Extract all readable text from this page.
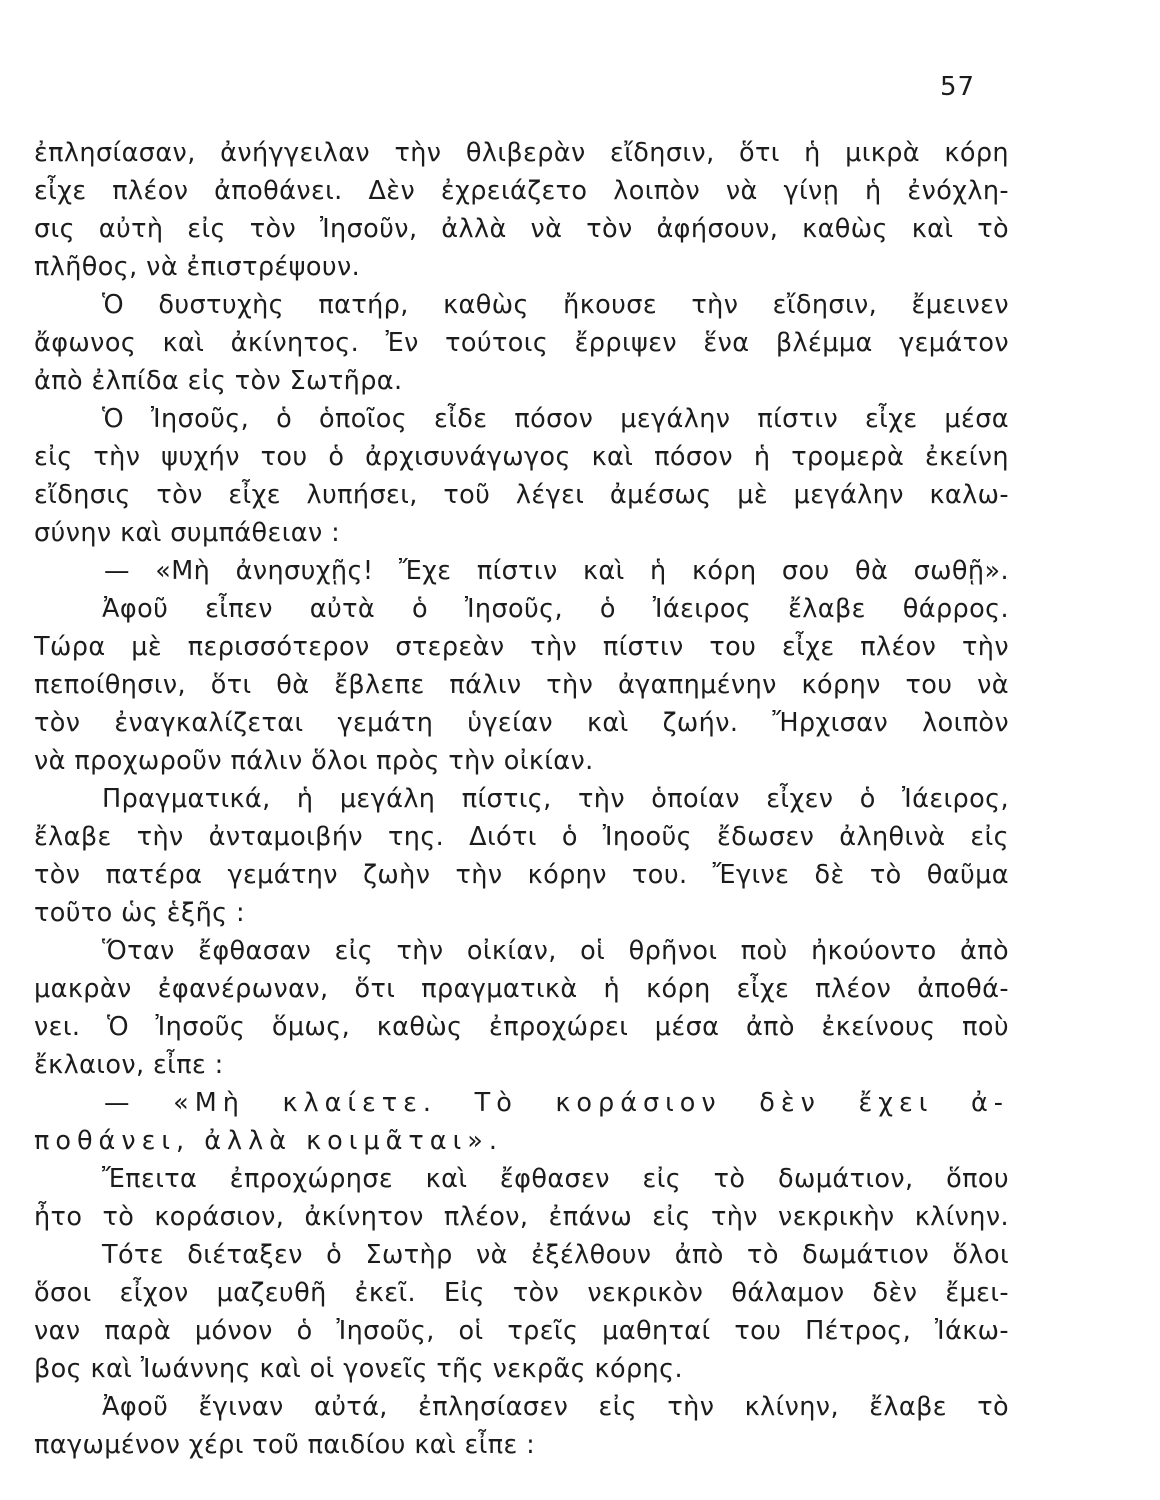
57
ἐπλησίασαν, ἀνήγγειλαν τὴν θλιβερὰν εἴδησιν, ὅτι ἡ μικρὰ κόρη
εἶχε πλέον ἀποθάνει. Δὲν ἐχρειάζετο λοιπὸν νὰ γίνῃ ἡ ἐνόχλη-
σις αὐτὴ εἰς τὸν Ἰησοῦν, ἀλλὰ νὰ τὸν ἀφήσουν, καθὼς καὶ τὸ
πλῆθος, νὰ ἐπιστρέψουν.
Ὁ δυστυχὴς πατήρ, καθὼς ἤκουσε τὴν εἴδησιν, ἔμεινεν
ἄφωνος καὶ ἀκίνητος. Ἐν τούτοις ἔρριψεν ἕνα βλέμμα γεμάτον
ἀπὸ ἐλπίδα εἰς τὸν Σωτῆρα.
Ὁ Ἰησοῦς, ὁ ὁποῖος εἶδε πόσον μεγάλην πίστιν εἶχε μέσα
εἰς τὴν ψυχήν του ὁ ἀρχισυνάγωγος καὶ πόσον ἡ τρομερὰ ἐκείνη
εἴδησις τὸν εἶχε λυπήσει, τοῦ λέγει ἀμέσως μὲ μεγάλην καλω-
σύνην καὶ συμπάθειαν :
— «Μὴ ἀνησυχῇς! Ἔχε πίστιν καὶ ἡ κόρη σου θὰ σωθῇ».
Ἀφοῦ εἶπεν αὐτὰ ὁ Ἰησοῦς, ὁ Ἰάειρος ἔλαβε θάρρος.
Τώρα μὲ περισσότερον στερεὰν τὴν πίστιν του εἶχε πλέον τὴν
πεποίθησιν, ὅτι θὰ ἔβλεπε πάλιν τὴν ἀγαπημένην κόρην του νὰ
τὸν ἐναγκαλίζεται γεμάτη ὑγείαν καὶ ζωήν. Ἤρχισαν λοιπὸν
νὰ προχωροῦν πάλιν ὅλοι πρὸς τὴν οἰκίαν.
Πραγματικά, ἡ μεγάλη πίστις, τὴν ὁποίαν εἶχεν ὁ Ἰάειρος,
ἔλαβε τὴν ἀνταμοιβήν της. Διότι ὁ Ἰηοοῦς ἔδωσεν ἀληθινὰ εἰς
τὸν πατέρα γεμάτην ζωὴν τὴν κόρην του. Ἔγινε δὲ τὸ θαῦμα
τοῦτο ὡς ἑξῆς :
Ὅταν ἔφθασαν εἰς τὴν οἰκίαν, οἱ θρῆνοι ποὺ ἠκούοντο ἀπὸ
μακρὰν ἐφανέρωναν, ὅτι πραγματικὰ ἡ κόρη εἶχε πλέον ἀποθά-
νει. Ὁ Ἰησοῦς ὅμως, καθὼς ἐπροχώρει μέσα ἀπὸ ἐκείνους ποὺ
ἔκλαιον, εἶπε :
— «Μὴ κλαίετε. Τὸ κοράσιον δὲν ἔχει ἀ-
ποθάνει, ἀλλὰ κοιμᾶται».
Ἔπειτα ἐπροχώρησε καὶ ἔφθασεν εἰς τὸ δωμάτιον, ὅπου
ἦτο τὸ κοράσιον, ἀκίνητον πλέον, ἐπάνω εἰς τὴν νεκρικὴν κλίνην.
Τότε διέταξεν ὁ Σωτὴρ νὰ ἐξέλθουν ἀπὸ τὸ δωμάτιον ὅλοι
ὅσοι εἶχον μαζευθῆ ἐκεῖ. Εἰς τὸν νεκρικὸν θάλαμον δὲν ἔμει-
ναν παρὰ μόνον ὁ Ἰησοῦς, οἱ τρεῖς μαθηταί του Πέτρος, Ἰάκω-
βος καὶ Ἰωάννης καὶ οἱ γονεῖς τῆς νεκρᾶς κόρης.
Ἀφοῦ ἔγιναν αὐτά, ἐπλησίασεν εἰς τὴν κλίνην, ἔλαβε τὸ
παγωμένον χέρι τοῦ παιδίου καὶ εἶπε :
